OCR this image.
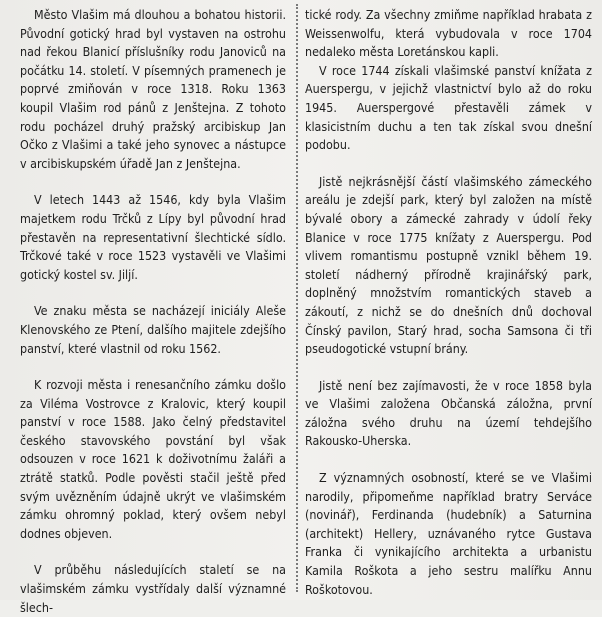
Město Vlašim má dlouhou a bohatou historii. Původní gotický hrad byl vystaven na ostrohu nad řekou Blanicí příslušníky rodu Janoviců na počátku 14. století. V písemných pramenech je poprvé zmiňován v roce 1318. Roku 1363 koupil Vlašim rod pánů z Jenštejna. Z tohoto rodu pocházel druhý pražský arcibiskup Jan Očko z Vlašimi a také jeho synovec a nástupce v arcibiskupském úřadě Jan z Jenštejna.

V letech 1443 až 1546, kdy byla Vlašim majetkem rodu Trčků z Lípy byl původní hrad přestavěn na representativní šlechtické sídlo. Trčkové také v roce 1523 vystavěli ve Vlašimi gotický kostel sv. Jiljí.

Ve znaku města se nacházejí iniciály Aleše Klenovského ze Ptení, dalšího majitele zdejšího panství, které vlastnil od roku 1562.

K rozvoji města i renesančního zámku došlo za Viléma Vostrovce z Kralovic, který koupil panství v roce 1588. Jako čelný představitel českého stavovského povstání byl však odsouzen v roce 1621 k doživotnímu žaláři a ztrátě statků. Podle pověsti stačil ještě před svým uvězněním údajně ukrýt ve vlašimském zámku ohromný poklad, který ovšem nebyl dodnes objeven.

V průběhu následujících staletí se na vlašimském zámku vystřídaly další významné šlech-

tické rody. Za všechny zmiňme například hrabata z Weissenwolfu, která vybudovala v roce 1704 nedaleko města Loretánskou kapli.

V roce 1744 získali vlašimské panství knížata z Auerspergu, v jejichž vlastnictví bylo až do roku 1945. Auerspergové přestavěli zámek v klasicistním duchu a ten tak získal svou dnešní podobu.

Jistě nejkrásnější částí vlašimského zámeckého areálu je zdejší park, který byl založen na místě bývalé obory a zámecké zahrady v údolí řeky Blanice v roce 1775 knížaty z Auerspergu. Pod vlivem romantismu postupně vznikl během 19. století nádherný přírodně krajinářský park, doplněný množstvím romantických staveb a zákoutí, z nichž se do dnešních dnů dochoval Čínský pavilon, Starý hrad, socha Samsona či tři pseudogotické vstupní brány.

Jistě není bez zajímavosti, že v roce 1858 byla ve Vlašimi založena Občanská záložna, první záložna svého druhu na území tehdejšího Rakousko-Uherska.

Z významných osobností, které se ve Vlašimi narodily, připomeňme například bratry Serváce (novinář), Ferdinanda (hudebník) a Saturnina (architekt) Hellery, uznávaného rytce Gustava Franka či vynikajícího architekta a urbanistu Kamila Roškota a jeho sestru malířku Annu Roškotovou.
